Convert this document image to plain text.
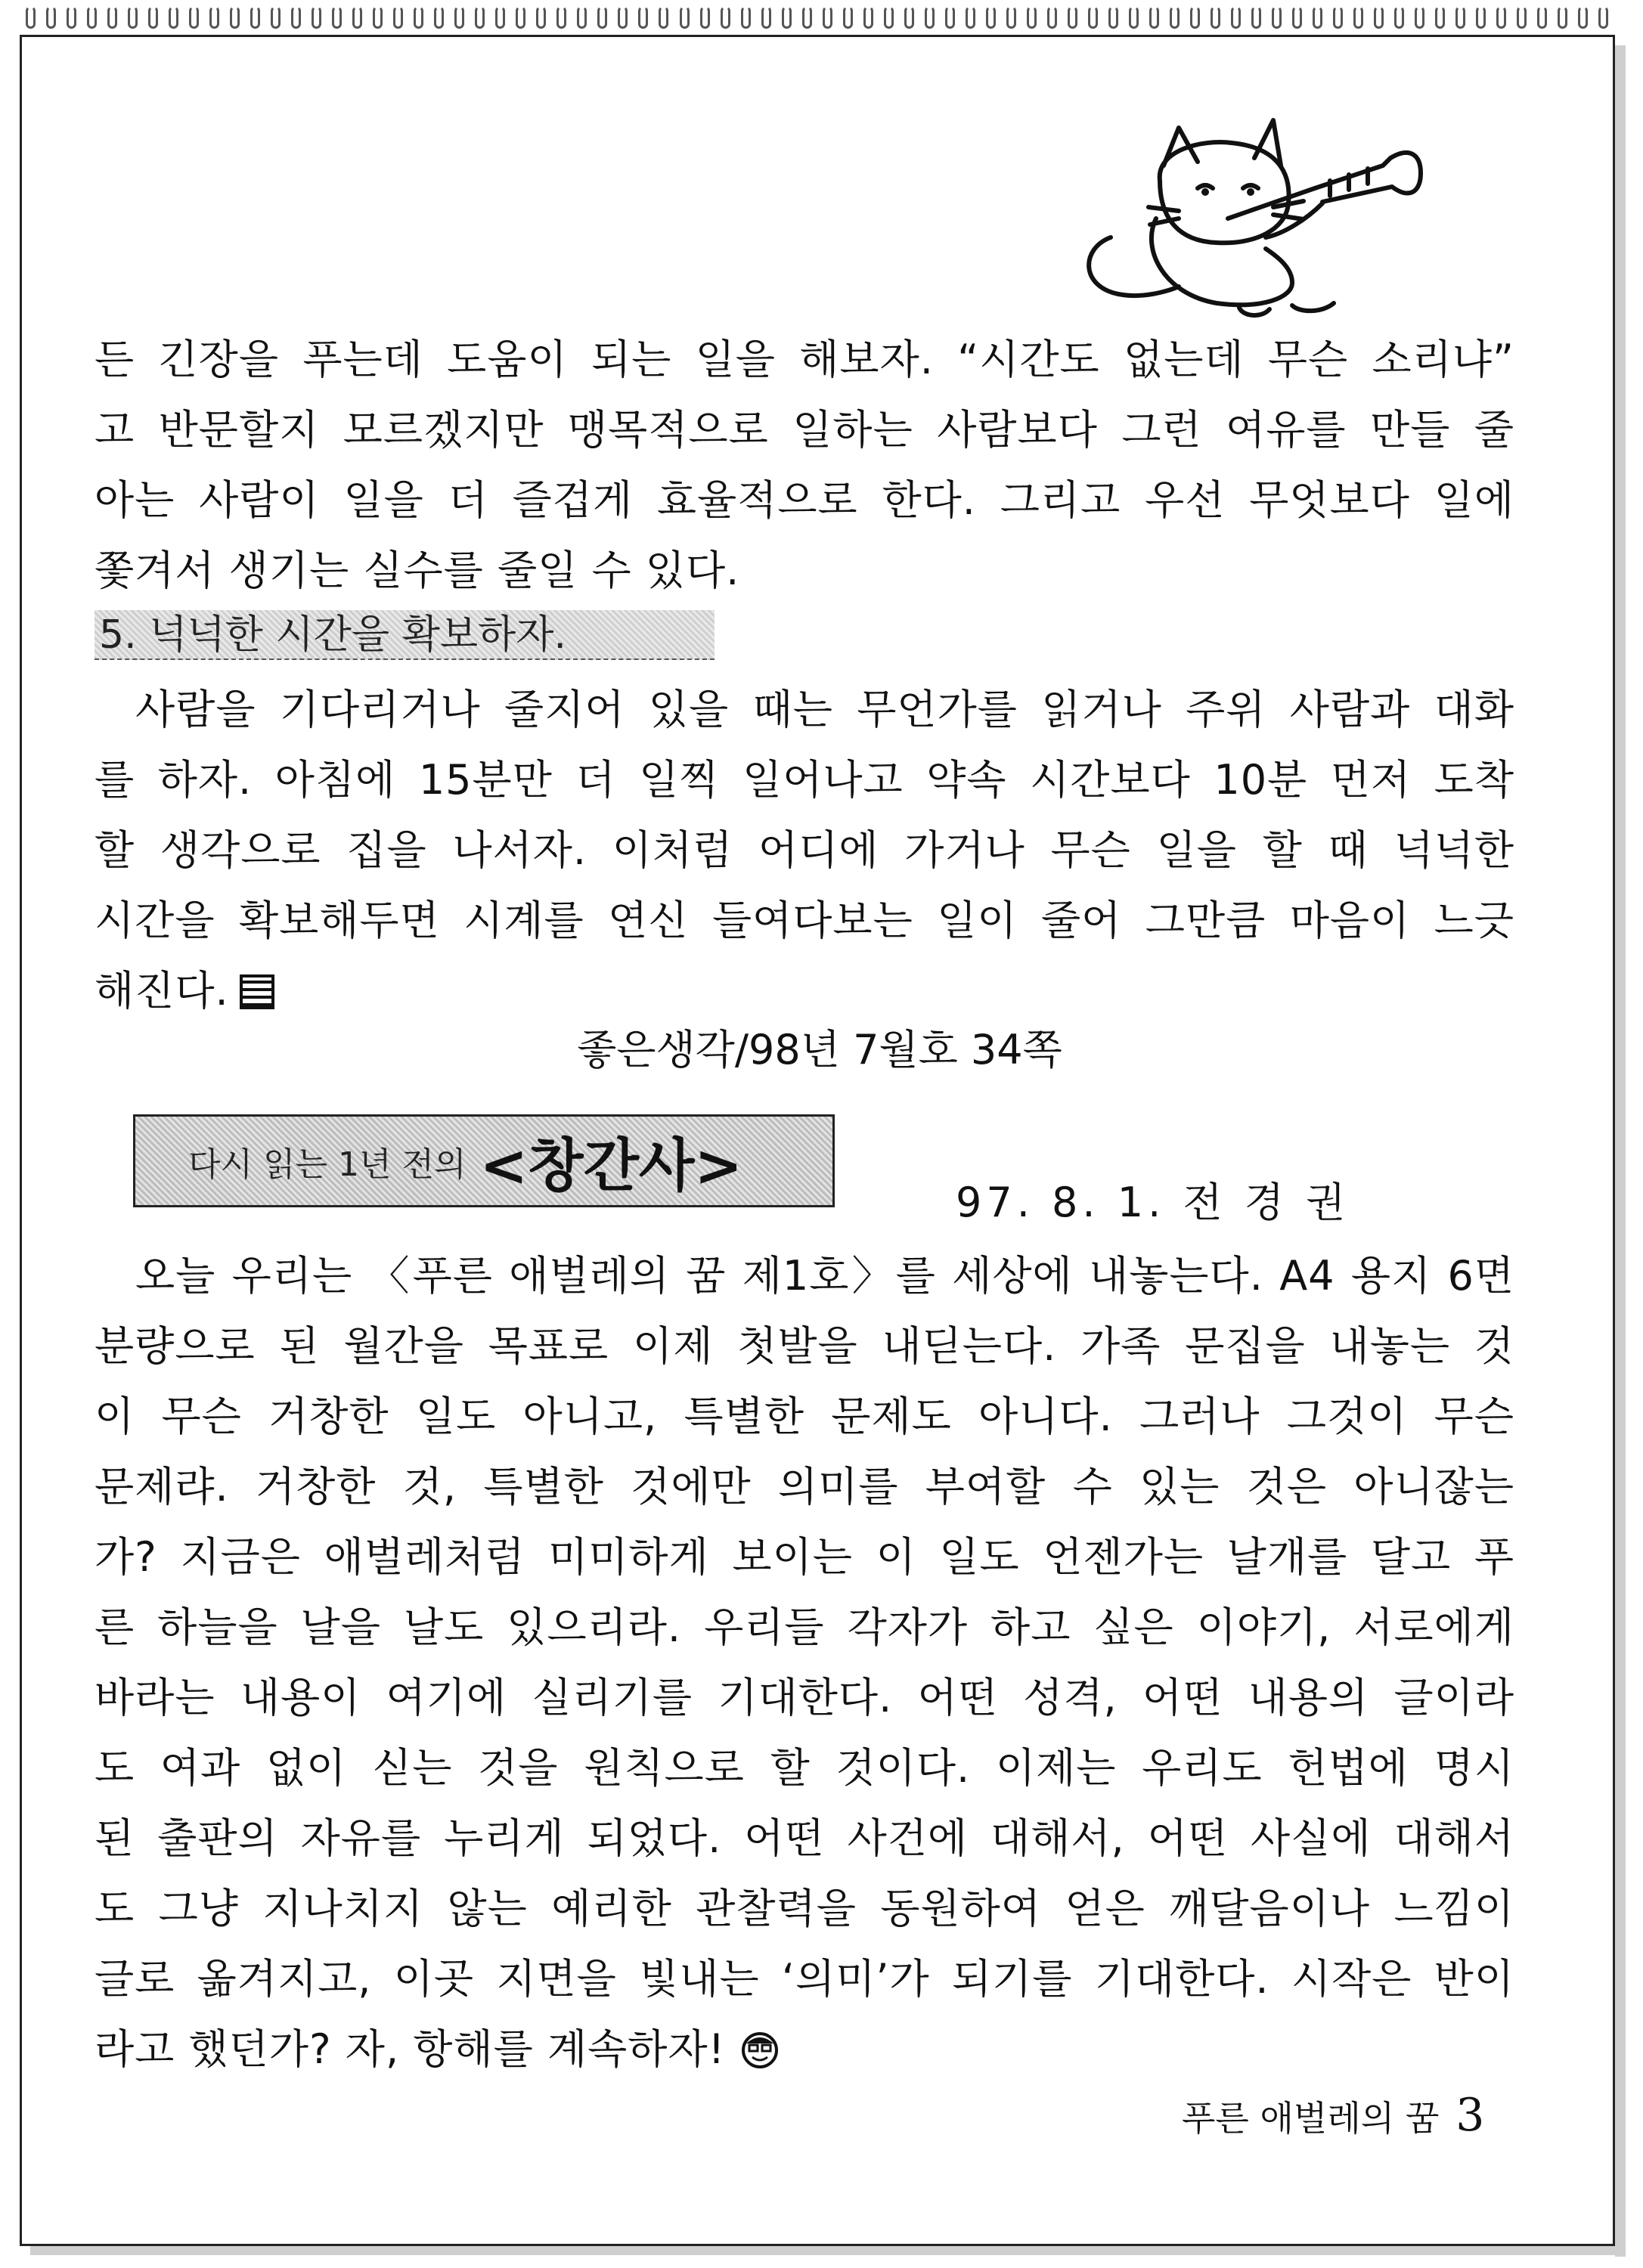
든 긴장을 푸는데 도움이 되는 일을 해보자. “시간도 없는데 무슨 소리냐”
고 반문할지 모르겠지만 맹목적으로 일하는 사람보다 그런 여유를 만들 줄
아는 사람이 일을 더 즐겁게 효율적으로 한다. 그리고 우선 무엇보다 일에
쫓겨서 생기는 실수를 줄일 수 있다.

5. 넉넉한 시간을 확보하자.

사람을 기다리거나 줄지어 있을 때는 무언가를 읽거나 주위 사람과 대화
를 하자. 아침에 15분만 더 일찍 일어나고 약속 시간보다 10분 먼저 도착
할 생각으로 집을 나서자. 이처럼 어디에 가거나 무슨 일을 할 때 넉넉한
시간을 확보해두면 시계를 연신 들여다보는 일이 줄어 그만큼 마음이 느긋
해진다.

좋은생각/98년 7월호 34쪽
다시 읽는 1년 전의 <창간사>
97. 8. 1. 전 경 권

오늘 우리는 〈푸른 애벌레의 꿈 제1호〉를 세상에 내놓는다. A4 용지 6면
분량으로 된 월간을 목표로 이제 첫발을 내딛는다. 가족 문집을 내놓는 것
이 무슨 거창한 일도 아니고, 특별한 문제도 아니다. 그러나 그것이 무슨
문제랴. 거창한 것, 특별한 것에만 의미를 부여할 수 있는 것은 아니잖는
가? 지금은 애벌레처럼 미미하게 보이는 이 일도 언젠가는 날개를 달고 푸
른 하늘을 날을 날도 있으리라. 우리들 각자가 하고 싶은 이야기, 서로에게
바라는 내용이 여기에 실리기를 기대한다. 어떤 성격, 어떤 내용의 글이라
도 여과 없이 싣는 것을 원칙으로 할 것이다. 이제는 우리도 헌법에 명시
된 출판의 자유를 누리게 되었다. 어떤 사건에 대해서, 어떤 사실에 대해서
도 그냥 지나치지 않는 예리한 관찰력을 동원하여 얻은 깨달음이나 느낌이
글로 옮겨지고, 이곳 지면을 빛내는 ‘의미’가 되기를 기대한다. 시작은 반이
라고 했던가? 자, 항해를 계속하자!

푸른 애벌레의 꿈 3
